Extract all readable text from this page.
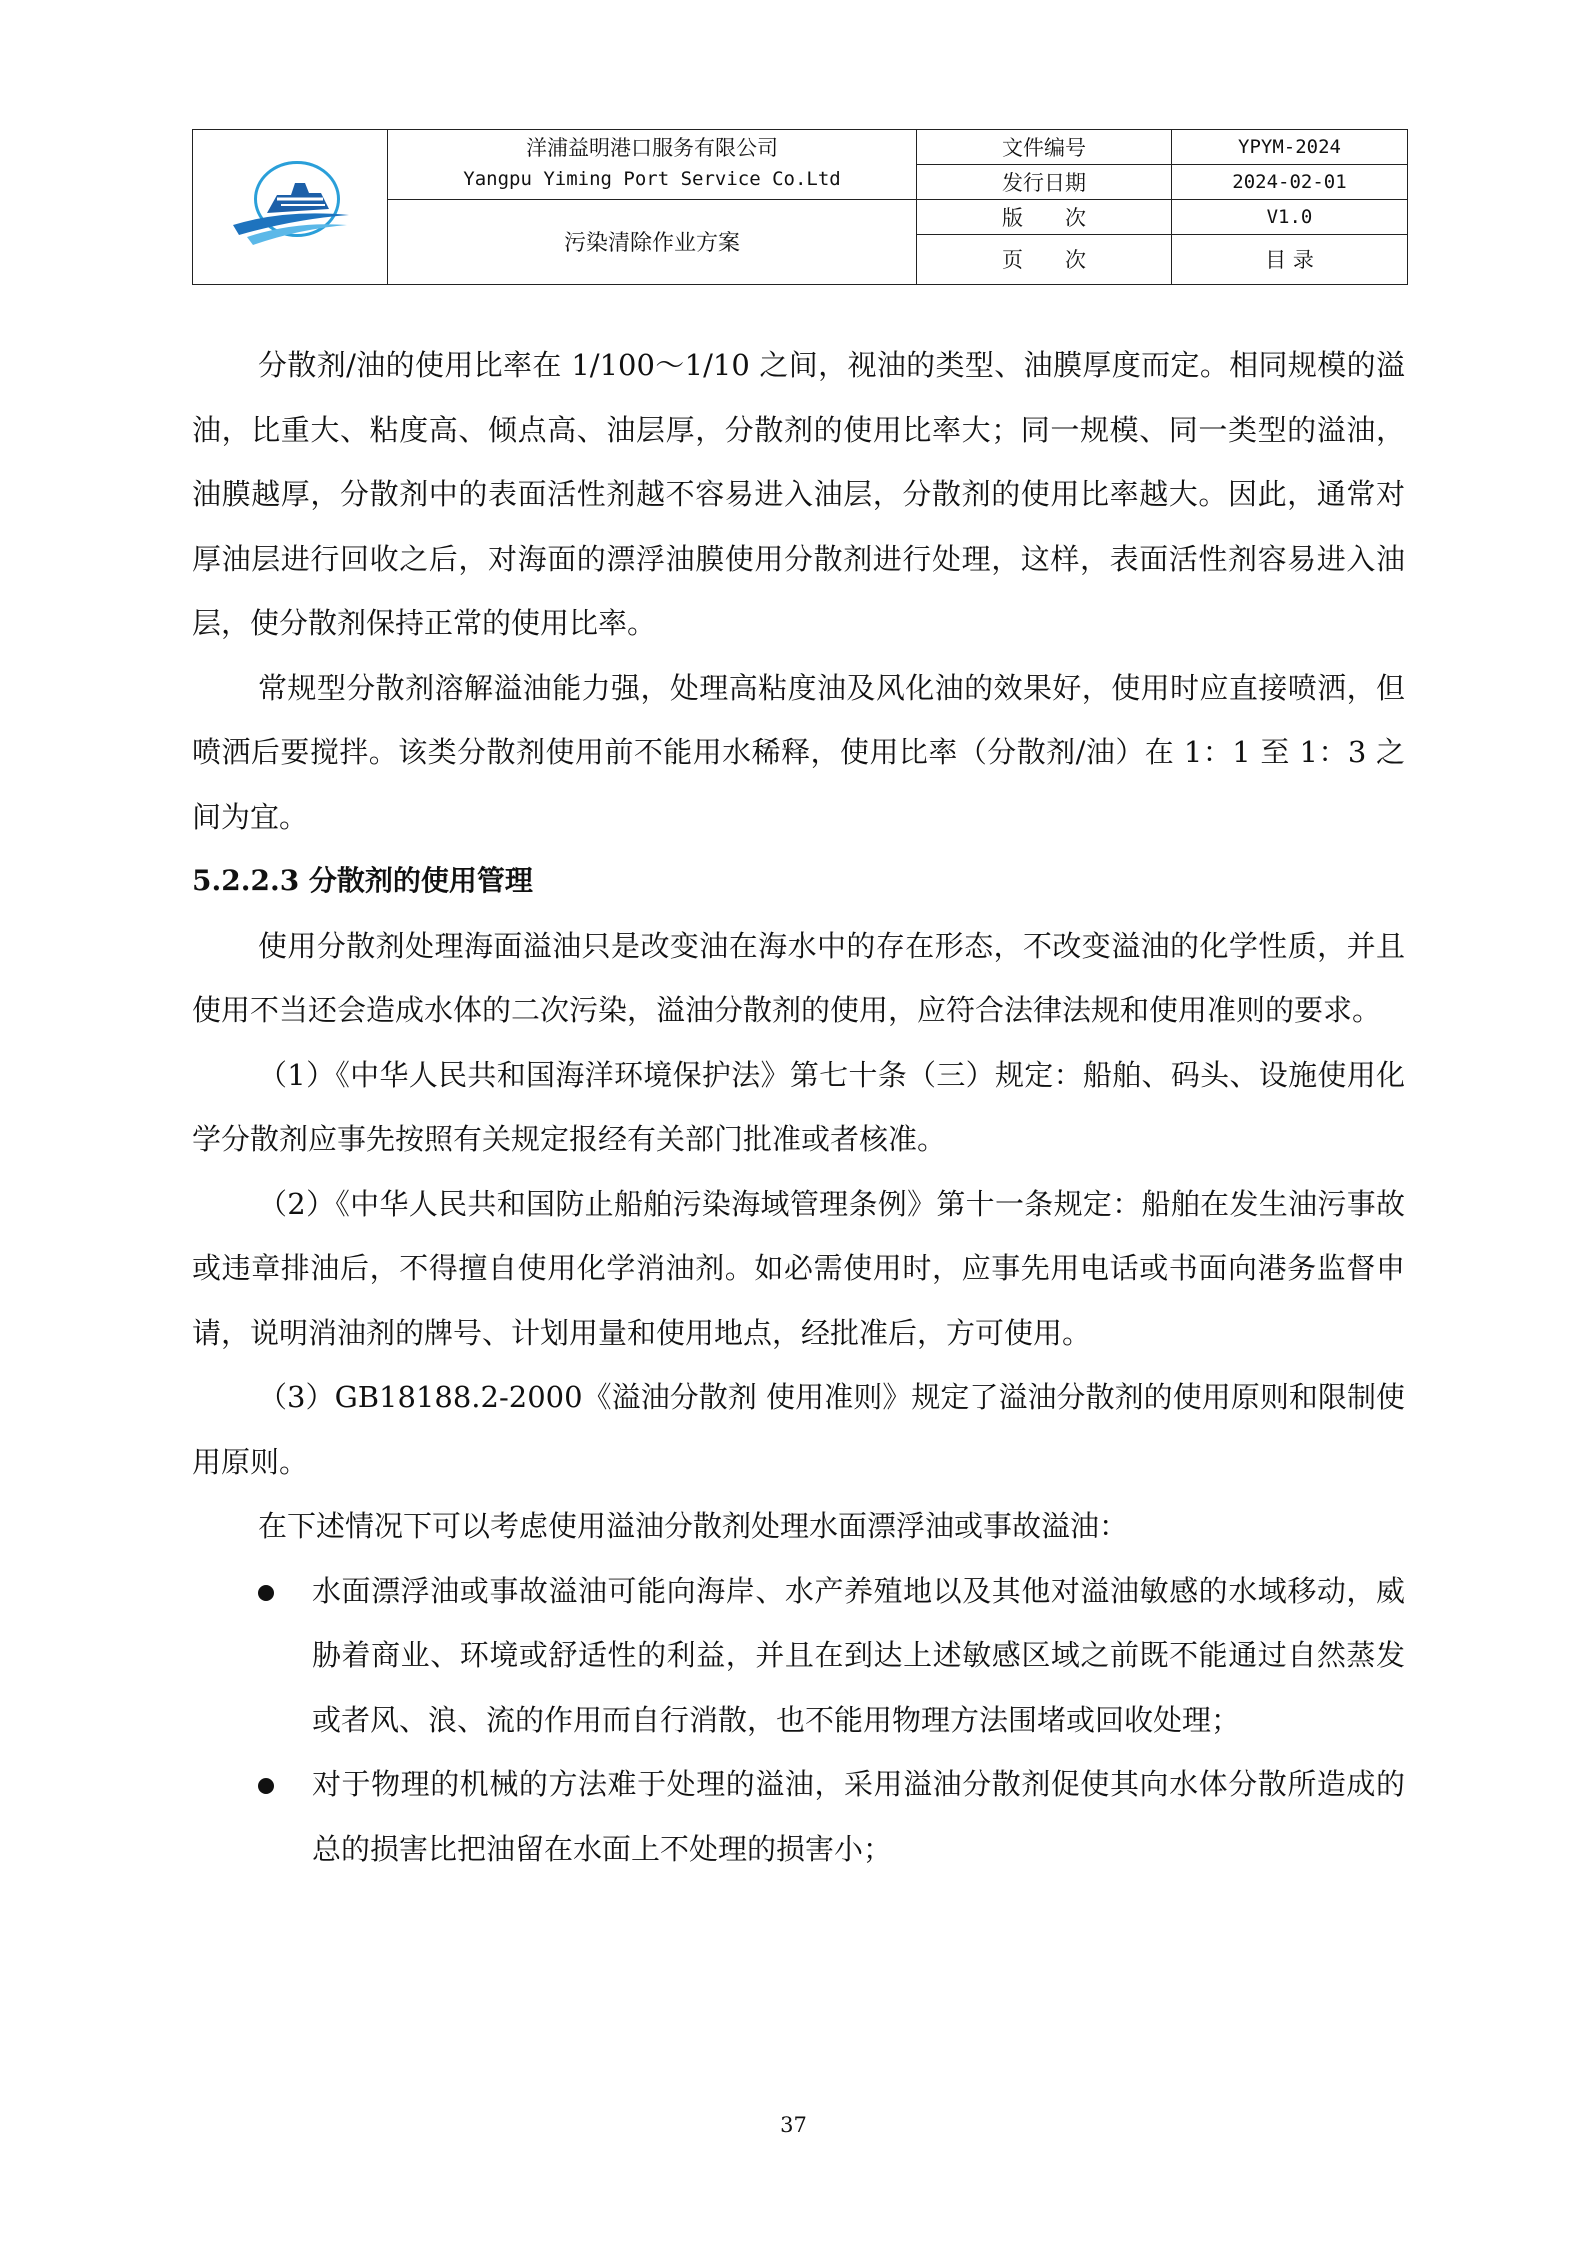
洋浦益明港口服务有限公司
Yangpu Yiming Port Service Co.Ltd	文件编号	YPYM-2024
		发行日期	2024-02-01
	污染清除作业方案	版　　次	V1.0
		页　　次	目 录

分散剂/油的使用比率在 1/100～1/10 之间，视油的类型、油膜厚度而定。相同规模的溢油，比重大、粘度高、倾点高、油层厚，分散剂的使用比率大；同一规模、同一类型的溢油，油膜越厚，分散剂中的表面活性剂越不容易进入油层，分散剂的使用比率越大。因此，通常对厚油层进行回收之后，对海面的漂浮油膜使用分散剂进行处理，这样，表面活性剂容易进入油层，使分散剂保持正常的使用比率。

常规型分散剂溶解溢油能力强，处理高粘度油及风化油的效果好，使用时应直接喷洒，但喷洒后要搅拌。该类分散剂使用前不能用水稀释，使用比率（分散剂/油）在 1：1 至 1：3 之间为宜。

5.2.2.3 分散剂的使用管理

使用分散剂处理海面溢油只是改变油在海水中的存在形态，不改变溢油的化学性质，并且使用不当还会造成水体的二次污染，溢油分散剂的使用，应符合法律法规和使用准则的要求。

（1）《中华人民共和国海洋环境保护法》第七十条（三）规定：船舶、码头、设施使用化学分散剂应事先按照有关规定报经有关部门批准或者核准。

（2）《中华人民共和国防止船舶污染海域管理条例》第十一条规定：船舶在发生油污事故或违章排油后，不得擅自使用化学消油剂。如必需使用时，应事先用电话或书面向港务监督申请，说明消油剂的牌号、计划用量和使用地点，经批准后，方可使用。

（3）GB18188.2-2000《溢油分散剂 使用准则》规定了溢油分散剂的使用原则和限制使用原则。

在下述情况下可以考虑使用溢油分散剂处理水面漂浮油或事故溢油：

水面漂浮油或事故溢油可能向海岸、水产养殖地以及其他对溢油敏感的水域移动，威胁着商业、环境或舒适性的利益，并且在到达上述敏感区域之前既不能通过自然蒸发或者风、浪、流的作用而自行消散，也不能用物理方法围堵或回收处理；
对于物理的机械的方法难于处理的溢油，采用溢油分散剂促使其向水体分散所造成的总的损害比把油留在水面上不处理的损害小；
37
